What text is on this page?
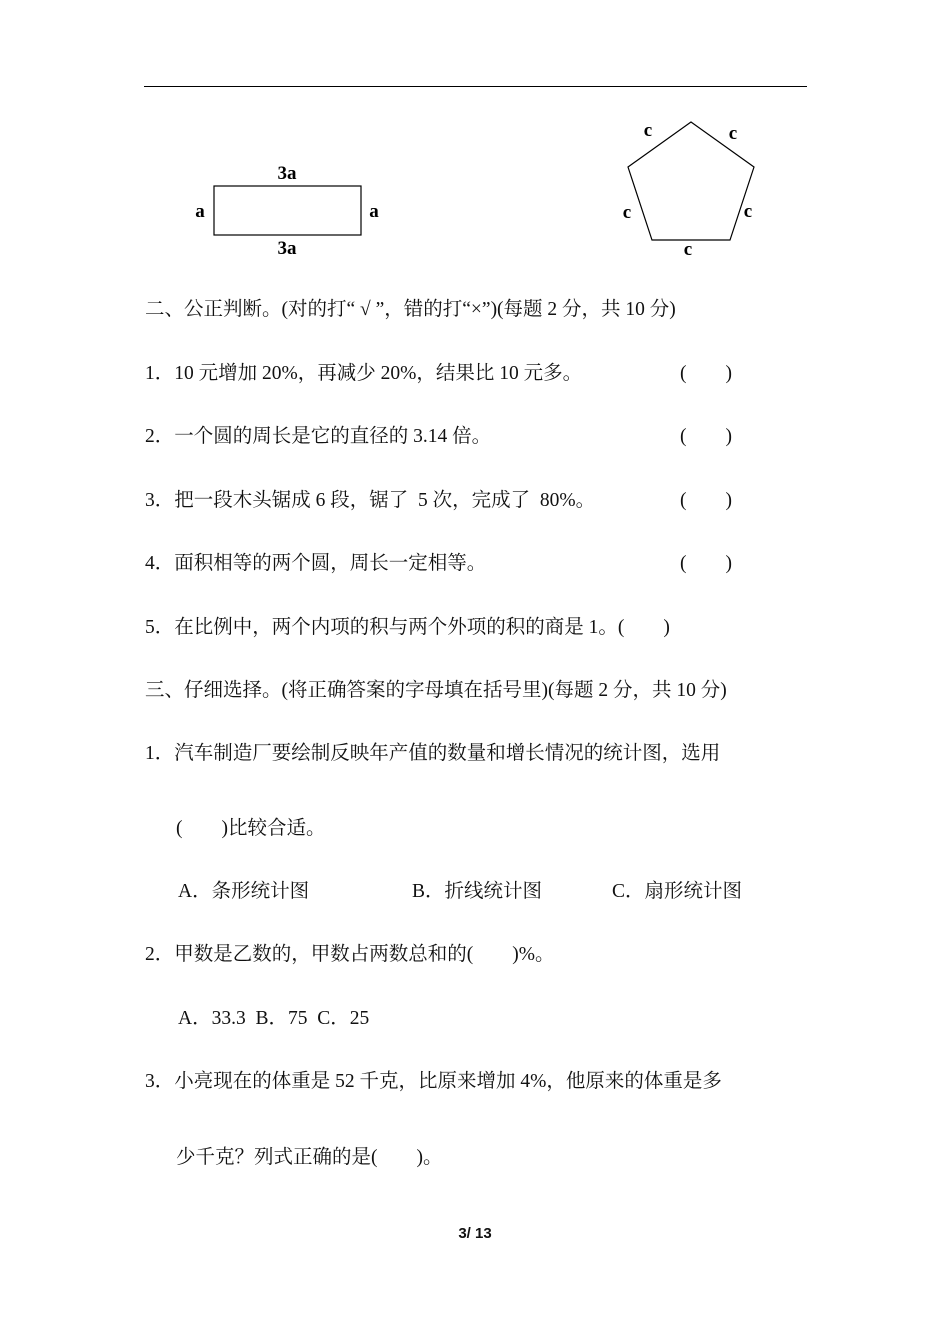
3a
3a
a	a
c	c
c	c
c
二、公正判断。(对的打“ √ ”，错的打“×”)(每题 2 分，共 10 分)
1．10 元增加 20%，再减少 20%，结果比 10 元多。	(        )
2．一个圆的周长是它的直径的 3.14 倍。	(        )
3．把一段木头锯成 6 段，锯了  5 次，完成了  80%。	(        )
4．面积相等的两个圆，周长一定相等。	(        )
5．在比例中，两个内项的积与两个外项的积的商是 1。(        )
三、仔细选择。(将正确答案的字母填在括号里)(每题 2 分，共 10 分)
1．汽车制造厂要绘制反映年产值的数量和增长情况的统计图，选用
(        )比较合适。
A．条形统计图	B．折线统计图	C．扇形统计图
2．甲数是乙数的，甲数占两数总和的(        )%。
A．33.3  B．75  C．25
3．小亮现在的体重是 52 千克，比原来增加 4%，他原来的体重是多
少千克？列式正确的是(        )。
3/ 13
